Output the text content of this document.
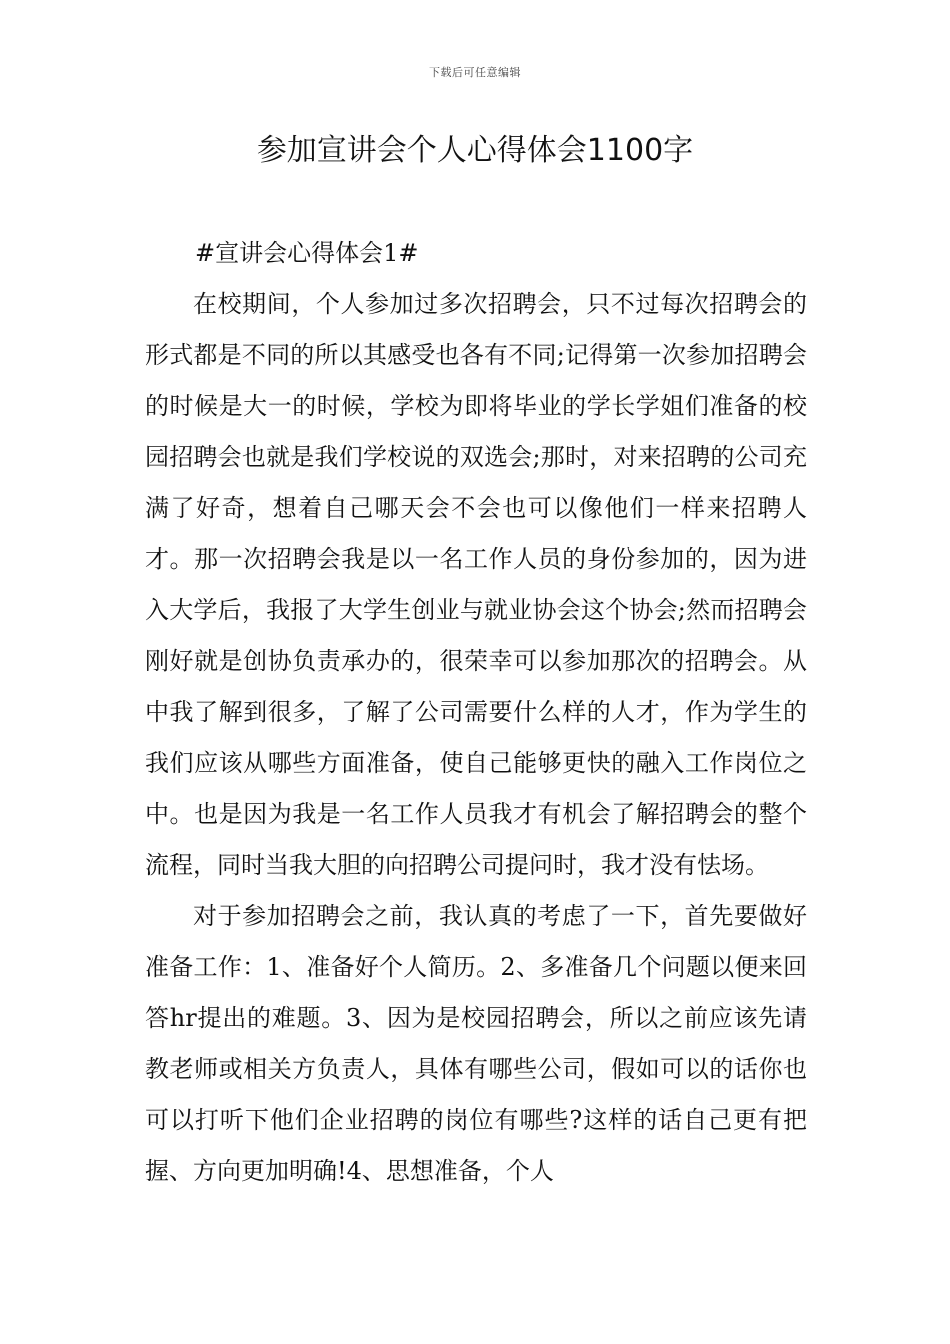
下载后可任意编辑
参加宣讲会个人心得体会1100字

#宣讲会心得体会1#

在校期间，个人参加过多次招聘会，只不过每次招聘会的形式都是不同的所以其感受也各有不同;记得第一次参加招聘会的时候是大一的时候，学校为即将毕业的学长学姐们准备的校园招聘会也就是我们学校说的双选会;那时，对来招聘的公司充满了好奇，想着自己哪天会不会也可以像他们一样来招聘人才。那一次招聘会我是以一名工作人员的身份参加的，因为进入大学后，我报了大学生创业与就业协会这个协会;然而招聘会刚好就是创协负责承办的，很荣幸可以参加那次的招聘会。从中我了解到很多，了解了公司需要什么样的人才，作为学生的我们应该从哪些方面准备，使自己能够更快的融入工作岗位之中。也是因为我是一名工作人员我才有机会了解招聘会的整个流程，同时当我大胆的向招聘公司提问时，我才没有怯场。

对于参加招聘会之前，我认真的考虑了一下，首先要做好准备工作：1、准备好个人简历。2、多准备几个问题以便来回答hr提出的难题。3、因为是校园招聘会，所以之前应该先请教老师或相关方负责人，具体有哪些公司，假如可以的话你也可以打听下他们企业招聘的岗位有哪些?这样的话自己更有把握、方向更加明确!4、思想准备，个人
